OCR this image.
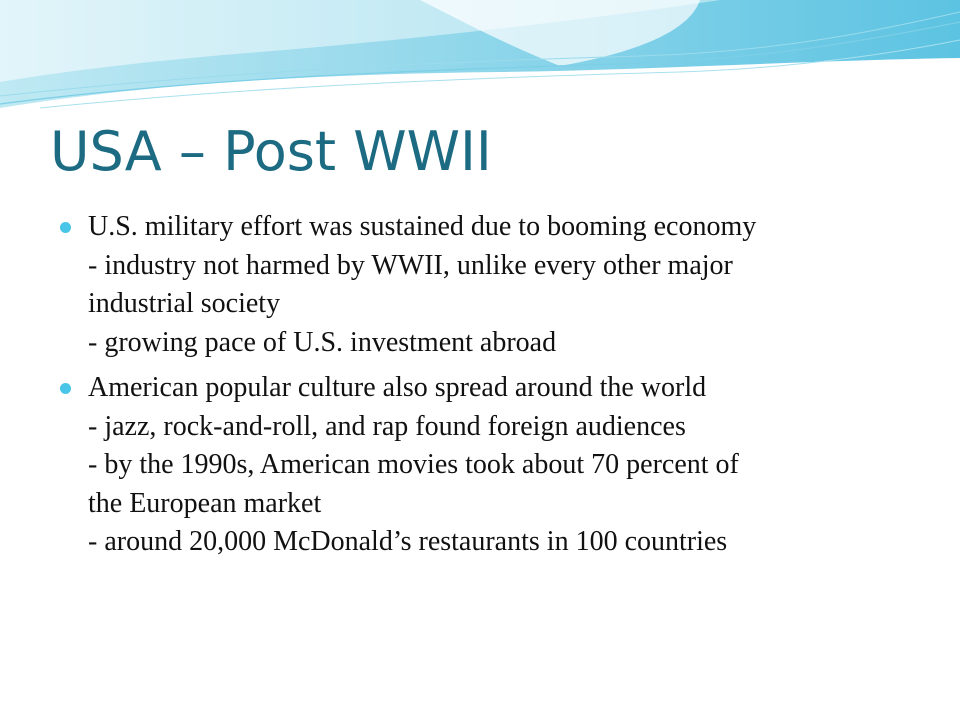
USA – Post WWII
U.S. military effort was sustained due to booming economy
- industry not harmed by WWII, unlike every other major
industrial society
- growing pace of U.S. investment abroad
American popular culture also spread around the world
- jazz, rock-and-roll, and rap found foreign audiences
- by the 1990s, American movies took about 70 percent of
the European market
- around 20,000 McDonald’s restaurants in 100 countries
